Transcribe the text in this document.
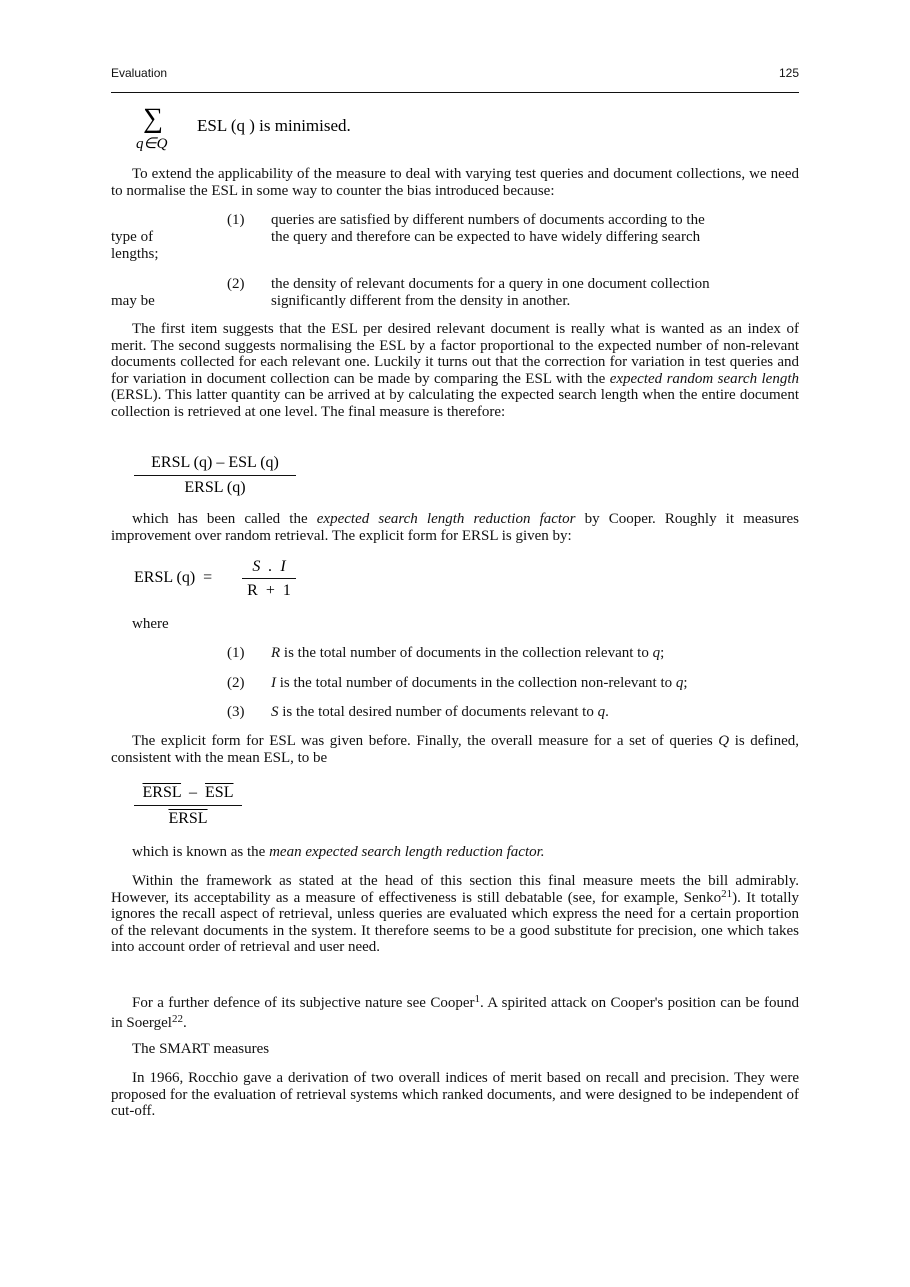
Evaluation	125
∑
q∈Q
ESL (q ) is minimised.

To extend the applicability of the measure to deal with varying test queries and document collections, we need to normalise the ESL in some way to counter the bias introduced because:

(1) queries are satisfied by different numbers of documents according to the

type of	the query and therefore can be expected to have widely differing search

lengths;
(2) the density of relevant documents for a query in one document collection

may be	significantly different from the density in another.

The first item suggests that the ESL per desired relevant document is really what is wanted as an index of merit. The second suggests normalising the ESL by a factor proportional to the expected number of non-relevant documents collected for each relevant one. Luckily it turns out that the correction for variation in test queries and for variation in document collection can be made by comparing the ESL with the expected random search length (ERSL). This latter quantity can be arrived at by calculating the expected search length when the entire document collection is retrieved at one level. The final measure is therefore:

ERSL (q) – ESL (q)
ERSL (q)

which has been called the expected search length reduction factor by Cooper. Roughly it measures improvement over random retrieval. The explicit form for ERSL is given by:

ERSL (q)  =
S  .  I
R  +  1
where
(1) R is the total number of documents in the collection relevant to q;
(2) I is the total number of documents in the collection non-relevant to q;
(3) S is the total desired number of documents relevant to q.

The explicit form for ESL was given before. Finally, the overall measure for a set of queries Q is defined, consistent with the mean ESL, to be

ERSL – $\overline{ESL}$
ERSL

which is known as the mean expected search length reduction factor.

Within the framework as stated at the head of this section this final measure meets the bill admirably. However, its acceptability as a measure of effectiveness is still debatable (see, for example, Senko$^{21}$). It totally ignores the recall aspect of retrieval, unless queries are evaluated which express the need for a certain proportion of the relevant documents in the system. It therefore seems to be a good substitute for precision, one which takes into account order of retrieval and user need.

For a further defence of its subjective nature see Cooper$^1$. A spirited attack on Cooper's position can be found in Soergel$^{22}$.

The SMART measures

In 1966, Rocchio gave a derivation of two overall indices of merit based on recall and precision. They were proposed for the evaluation of retrieval systems which ranked documents, and were designed to be independent of cut-off.
